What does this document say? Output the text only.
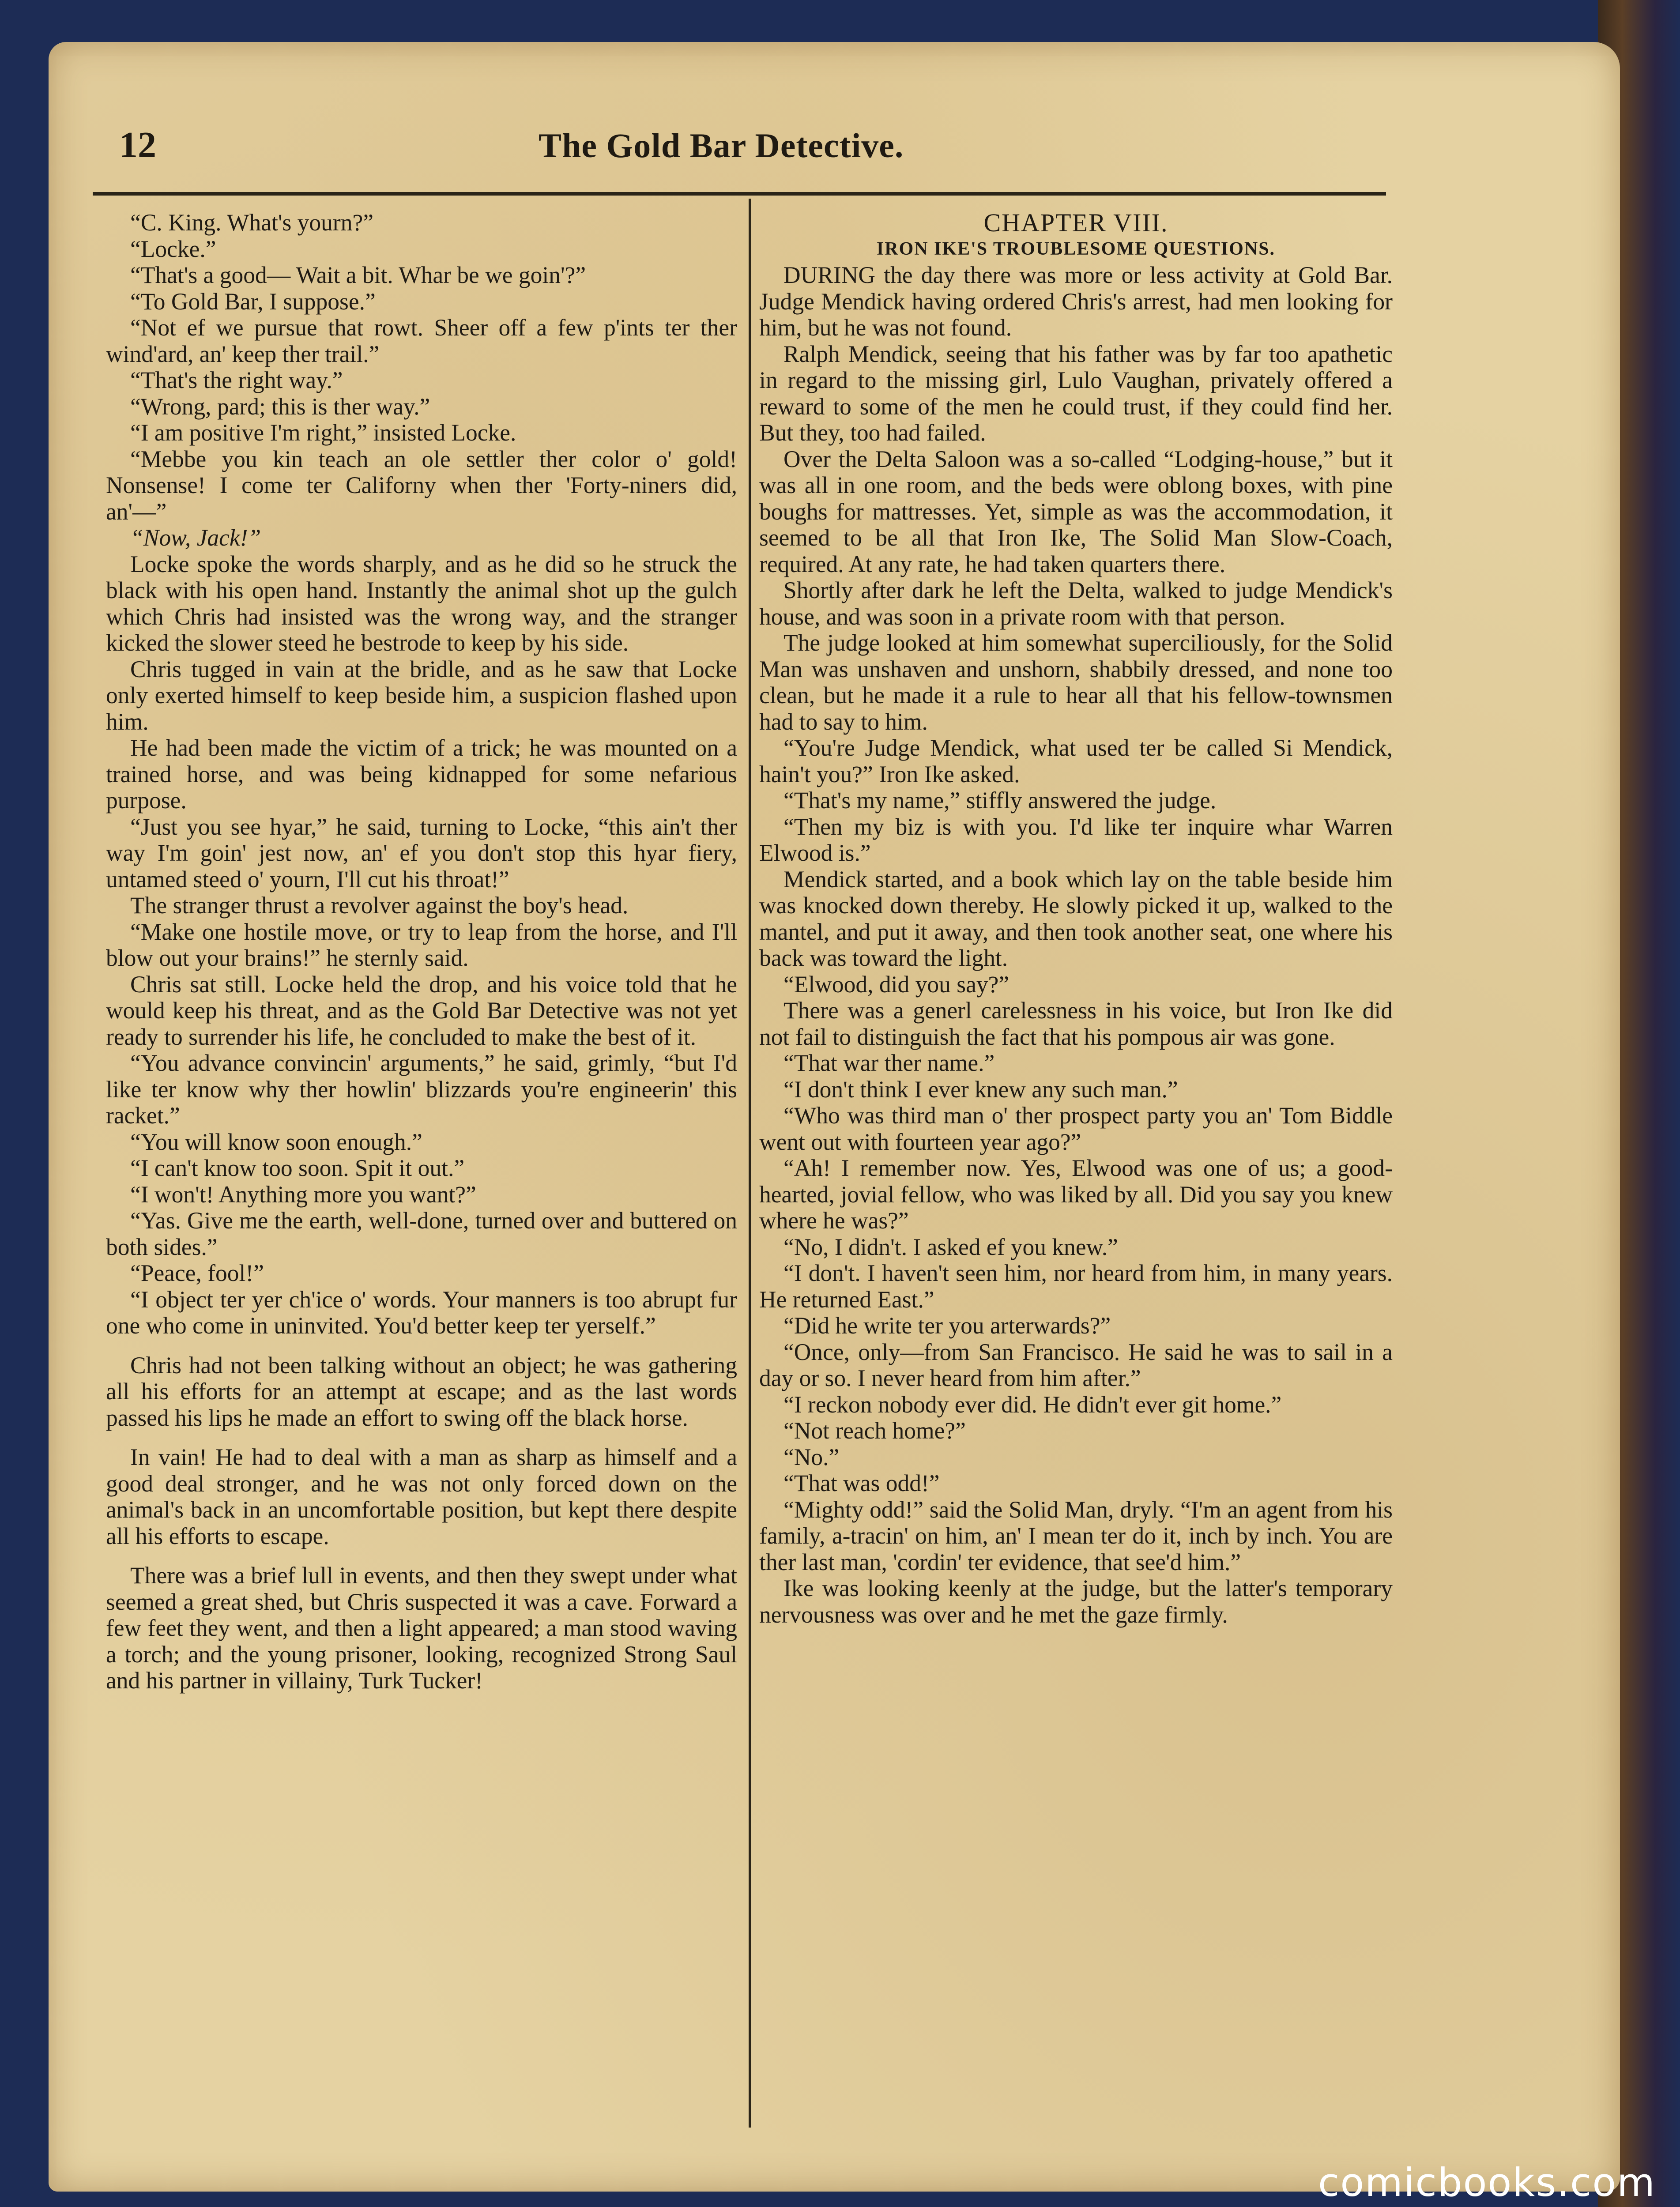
12	The Gold Bar Detective.

“C. King. What's yourn?”

“Locke.”

“That's a good— Wait a bit. Whar be we goin'?”

“To Gold Bar, I suppose.”

“Not ef we pursue that rowt. Sheer off a few p'ints ter ther wind'ard, an' keep ther trail.”

“That's the right way.”

“Wrong, pard; this is ther way.”

“I am positive I'm right,” insisted Locke.

“Mebbe you kin teach an ole settler ther color o' gold! Nonsense! I come ter Californy when ther 'Forty-niners did, an'—”

“Now, Jack!”

Locke spoke the words sharply, and as he did so he struck the black with his open hand. Instantly the animal shot up the gulch which Chris had insisted was the wrong way, and the stranger kicked the slower steed he bestrode to keep by his side.

Chris tugged in vain at the bridle, and as he saw that Locke only exerted himself to keep beside him, a suspicion flashed upon him.

He had been made the victim of a trick; he was mounted on a trained horse, and was being kidnapped for some nefarious purpose.

“Just you see hyar,” he said, turning to Locke, “this ain't ther way I'm goin' jest now, an' ef you don't stop this hyar fiery, untamed steed o' yourn, I'll cut his throat!”

The stranger thrust a revolver against the boy's head.

“Make one hostile move, or try to leap from the horse, and I'll blow out your brains!” he sternly said.

Chris sat still. Locke held the drop, and his voice told that he would keep his threat, and as the Gold Bar Detective was not yet ready to surrender his life, he concluded to make the best of it.

“You advance convincin' arguments,” he said, grimly, “but I'd like ter know why ther howlin' blizzards you're engineerin' this racket.”

“You will know soon enough.”

“I can't know too soon. Spit it out.”

“I won't! Anything more you want?”

“Yas. Give me the earth, well-done, turned over and buttered on both sides.”

“Peace, fool!”

“I object ter yer ch'ice o' words. Your manners is too abrupt fur one who come in uninvited. You'd better keep ter yerself.”

Chris had not been talking without an object; he was gathering all his efforts for an attempt at escape; and as the last words passed his lips he made an effort to swing off the black horse.

In vain! He had to deal with a man as sharp as himself and a good deal stronger, and he was not only forced down on the animal's back in an uncomfortable position, but kept there despite all his efforts to escape.

There was a brief lull in events, and then they swept under what seemed a great shed, but Chris suspected it was a cave. Forward a few feet they went, and then a light appeared; a man stood waving a torch; and the young prisoner, looking, recognized Strong Saul and his partner in villainy, Turk Tucker!

CHAPTER VIII.

IRON IKE'S TROUBLESOME QUESTIONS.

DURING the day there was more or less activity at Gold Bar. Judge Mendick having ordered Chris's arrest, had men looking for him, but he was not found.

Ralph Mendick, seeing that his father was by far too apathetic in regard to the missing girl, Lulo Vaughan, privately offered a reward to some of the men he could trust, if they could find her. But they, too had failed.

Over the Delta Saloon was a so-called “Lodging-house,” but it was all in one room, and the beds were oblong boxes, with pine boughs for mattresses. Yet, simple as was the accommodation, it seemed to be all that Iron Ike, The Solid Man Slow-Coach, required. At any rate, he had taken quarters there.

Shortly after dark he left the Delta, walked to judge Mendick's house, and was soon in a private room with that person.

The judge looked at him somewhat superciliously, for the Solid Man was unshaven and unshorn, shabbily dressed, and none too clean, but he made it a rule to hear all that his fellow-townsmen had to say to him.

“You're Judge Mendick, what used ter be called Si Mendick, hain't you?” Iron Ike asked.

“That's my name,” stiffly answered the judge.

“Then my biz is with you. I'd like ter inquire whar Warren Elwood is.”

Mendick started, and a book which lay on the table beside him was knocked down thereby. He slowly picked it up, walked to the mantel, and put it away, and then took another seat, one where his back was toward the light.

“Elwood, did you say?”

There was a generl carelessness in his voice, but Iron Ike did not fail to distinguish the fact that his pompous air was gone.

“That war ther name.”

“I don't think I ever knew any such man.”

“Who was third man o' ther prospect party you an' Tom Biddle went out with fourteen year ago?”

“Ah! I remember now. Yes, Elwood was one of us; a good-hearted, jovial fellow, who was liked by all. Did you say you knew where he was?”

“No, I didn't. I asked ef you knew.”

“I don't. I haven't seen him, nor heard from him, in many years. He returned East.”

“Did he write ter you arterwards?”

“Once, only—from San Francisco. He said he was to sail in a day or so. I never heard from him after.”

“I reckon nobody ever did. He didn't ever git home.”

“Not reach home?”

“No.”

“That was odd!”

“Mighty odd!” said the Solid Man, dryly. “I'm an agent from his family, a-tracin' on him, an' I mean ter do it, inch by inch. You are ther last man, 'cordin' ter evidence, that see'd him.”

Ike was looking keenly at the judge, but the latter's temporary nervousness was over and he met the gaze firmly.

comicbooks.com
